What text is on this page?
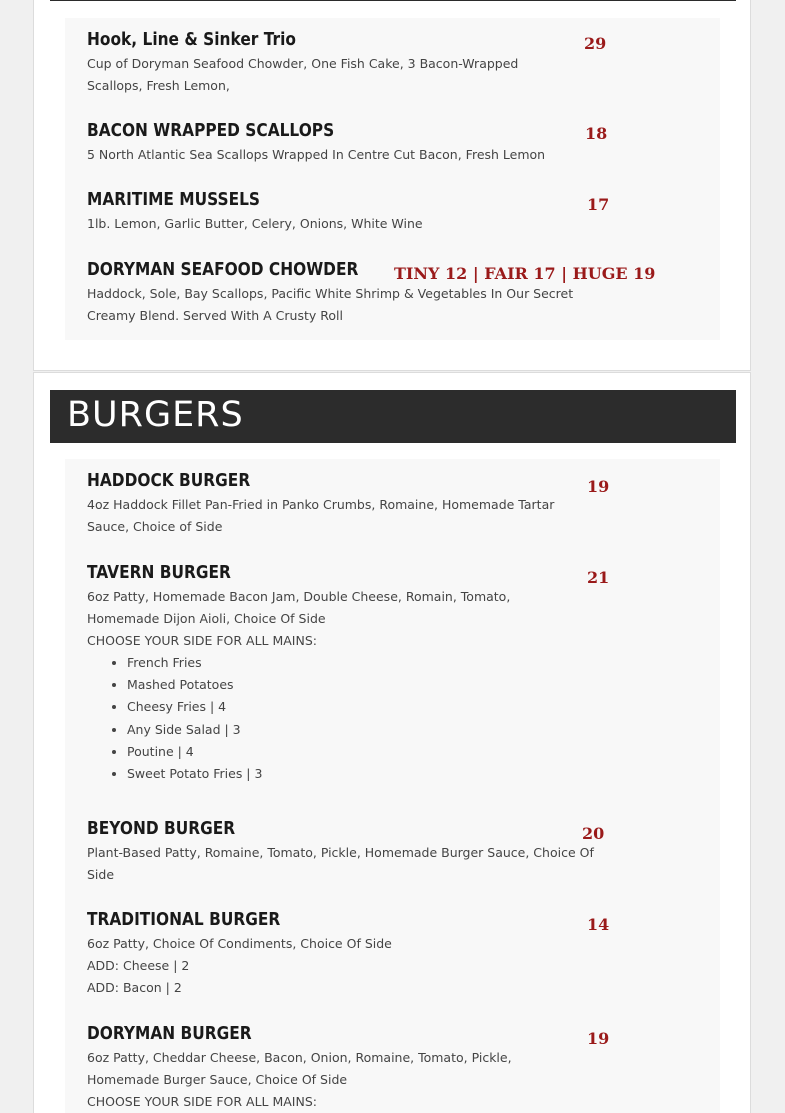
Hook, Line & Sinker Trio
Cup of Doryman Seafood Chowder, One Fish Cake, 3 Bacon-Wrapped Scallops, Fresh Lemon,
29
BACON WRAPPED SCALLOPS
5 North Atlantic Sea Scallops Wrapped In Centre Cut Bacon, Fresh Lemon
18
MARITIME MUSSELS
1lb. Lemon, Garlic Butter, Celery, Onions, White Wine
17
DORYMAN SEAFOOD CHOWDER
Haddock, Sole, Bay Scallops, Pacific White Shrimp & Vegetables In Our Secret Creamy Blend. Served With A Crusty Roll
TINY 12 | FAIR 17 | HUGE 19
BURGERS
HADDOCK BURGER
4oz Haddock Fillet Pan-Fried in Panko Crumbs, Romaine, Homemade Tartar Sauce, Choice of Side
19
TAVERN BURGER
6oz Patty, Homemade Bacon Jam, Double Cheese, Romain, Tomato, Homemade Dijon Aioli, Choice Of Side
CHOOSE YOUR SIDE FOR ALL MAINS:
• French Fries
• Mashed Potatoes
• Cheesy Fries | 4
• Any Side Salad | 3
• Poutine | 4
• Sweet Potato Fries | 3
21
BEYOND BURGER
Plant-Based Patty, Romaine, Tomato, Pickle, Homemade Burger Sauce, Choice Of Side
20
TRADITIONAL BURGER
6oz Patty, Choice Of Condiments, Choice Of Side
ADD: Cheese | 2
ADD: Bacon | 2
14
DORYMAN BURGER
6oz Patty, Cheddar Cheese, Bacon, Onion, Romaine, Tomato, Pickle, Homemade Burger Sauce, Choice Of Side
CHOOSE YOUR SIDE FOR ALL MAINS:
19
